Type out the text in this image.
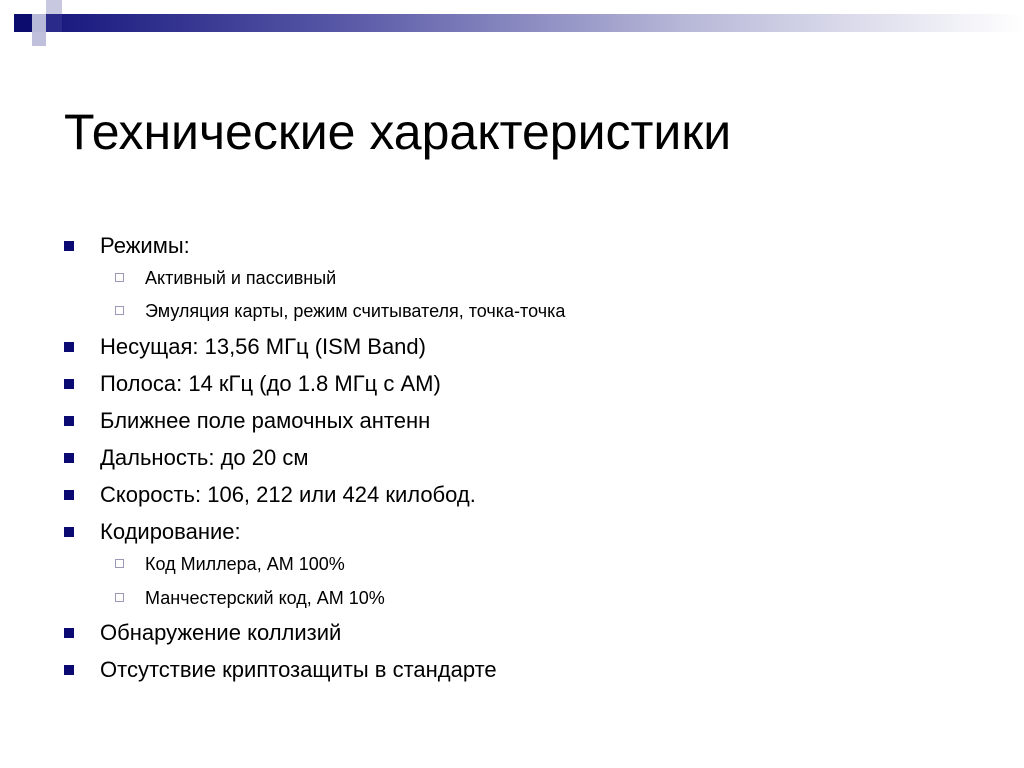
Технические характеристики
Режимы:
Активный и пассивный
Эмуляция карты, режим считывателя, точка-точка
Несущая: 13,56 МГц (ISM Band)
Полоса: 14 кГц (до 1.8 МГц с АМ)
Ближнее поле рамочных антенн
Дальность: до 20 см
Скорость: 106, 212 или 424 килобод.
Кодирование:
Код Миллера, АМ 100%
Манчестерский код, АМ 10%
Обнаружение коллизий
Отсутствие криптозащиты в стандарте
